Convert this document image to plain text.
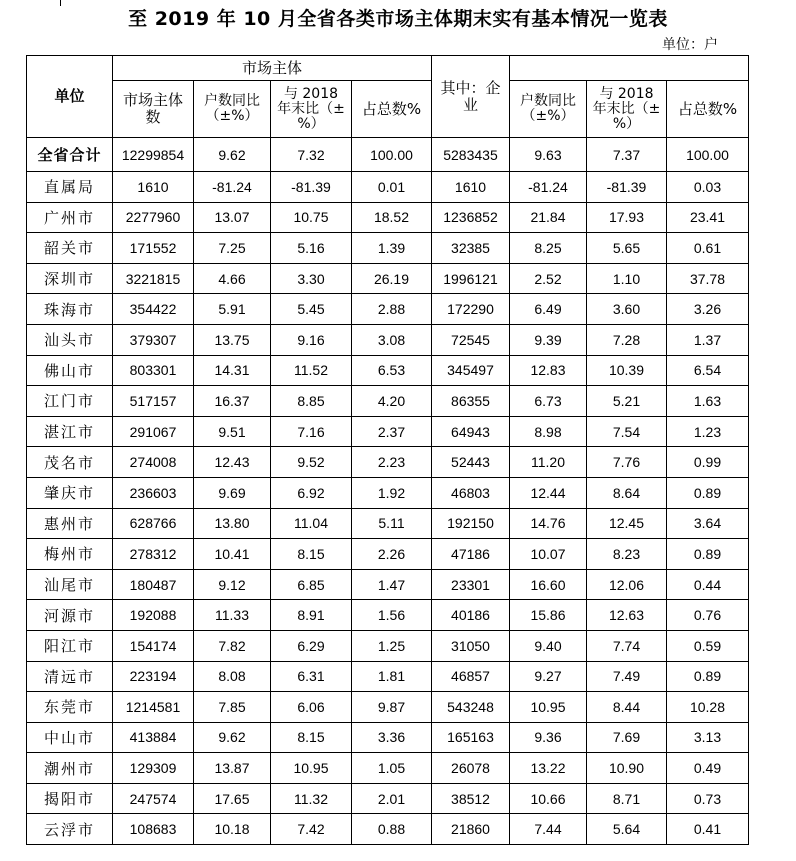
至 2019 年 10 月全省各类市场主体期末实有基本情况一览表
单位：户
单位	市场主体				其中：企业			
	市场主体数	户数同比（±%）	与 2018 年末比（±%）	占总数%		户数同比（±%）	与 2018 年末比（±%）	占总数%
全省合计	12299854	9.62	7.32	100.00	5283435	9.63	7.37	100.00
直属局	1610	-81.24	-81.39	0.01	1610	-81.24	-81.39	0.03
广州市	2277960	13.07	10.75	18.52	1236852	21.84	17.93	23.41
韶关市	171552	7.25	5.16	1.39	32385	8.25	5.65	0.61
深圳市	3221815	4.66	3.30	26.19	1996121	2.52	1.10	37.78
珠海市	354422	5.91	5.45	2.88	172290	6.49	3.60	3.26
汕头市	379307	13.75	9.16	3.08	72545	9.39	7.28	1.37
佛山市	803301	14.31	11.52	6.53	345497	12.83	10.39	6.54
江门市	517157	16.37	8.85	4.20	86355	6.73	5.21	1.63
湛江市	291067	9.51	7.16	2.37	64943	8.98	7.54	1.23
茂名市	274008	12.43	9.52	2.23	52443	11.20	7.76	0.99
肇庆市	236603	9.69	6.92	1.92	46803	12.44	8.64	0.89
惠州市	628766	13.80	11.04	5.11	192150	14.76	12.45	3.64
梅州市	278312	10.41	8.15	2.26	47186	10.07	8.23	0.89
汕尾市	180487	9.12	6.85	1.47	23301	16.60	12.06	0.44
河源市	192088	11.33	8.91	1.56	40186	15.86	12.63	0.76
阳江市	154174	7.82	6.29	1.25	31050	9.40	7.74	0.59
清远市	223194	8.08	6.31	1.81	46857	9.27	7.49	0.89
东莞市	1214581	7.85	6.06	9.87	543248	10.95	8.44	10.28
中山市	413884	9.62	8.15	3.36	165163	9.36	7.69	3.13
潮州市	129309	13.87	10.95	1.05	26078	13.22	10.90	0.49
揭阳市	247574	17.65	11.32	2.01	38512	10.66	8.71	0.73
云浮市	108683	10.18	7.42	0.88	21860	7.44	5.64	0.41
